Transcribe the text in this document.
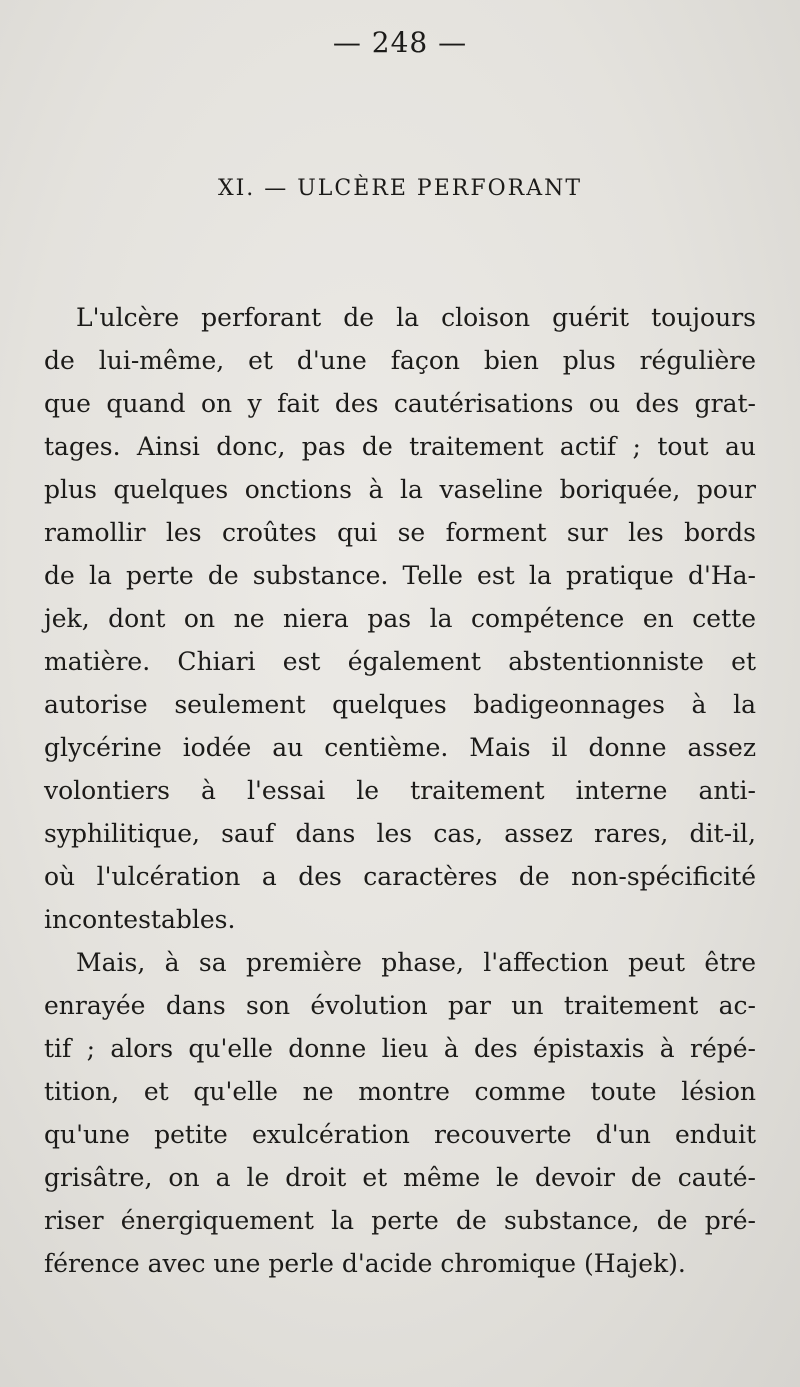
— 248 —
XI. — ULCÈRE PERFORANT
L'ulcère perforant de la cloison guérit toujours
de lui-même, et d'une façon bien plus régulière
que quand on y fait des cautérisations ou des grat-
tages. Ainsi donc, pas de traitement actif ; tout au
plus quelques onctions à la vaseline boriquée, pour
ramollir les croûtes qui se forment sur les bords
de la perte de substance. Telle est la pratique d'Ha-
jek, dont on ne niera pas la compétence en cette
matière. Chiari est également abstentionniste et
autorise seulement quelques badigeonnages à la
glycérine iodée au centième. Mais il donne assez
volontiers à l'essai le traitement interne anti-
syphilitique, sauf dans les cas, assez rares, dit-il,
où l'ulcération a des caractères de non-spécificité
incontestables.
Mais, à sa première phase, l'affection peut être
enrayée dans son évolution par un traitement ac-
tif ; alors qu'elle donne lieu à des épistaxis à répé-
tition, et qu'elle ne montre comme toute lésion
qu'une petite exulcération recouverte d'un enduit
grisâtre, on a le droit et même le devoir de cauté-
riser énergiquement la perte de substance, de pré-
férence avec une perle d'acide chromique (Hajek).
